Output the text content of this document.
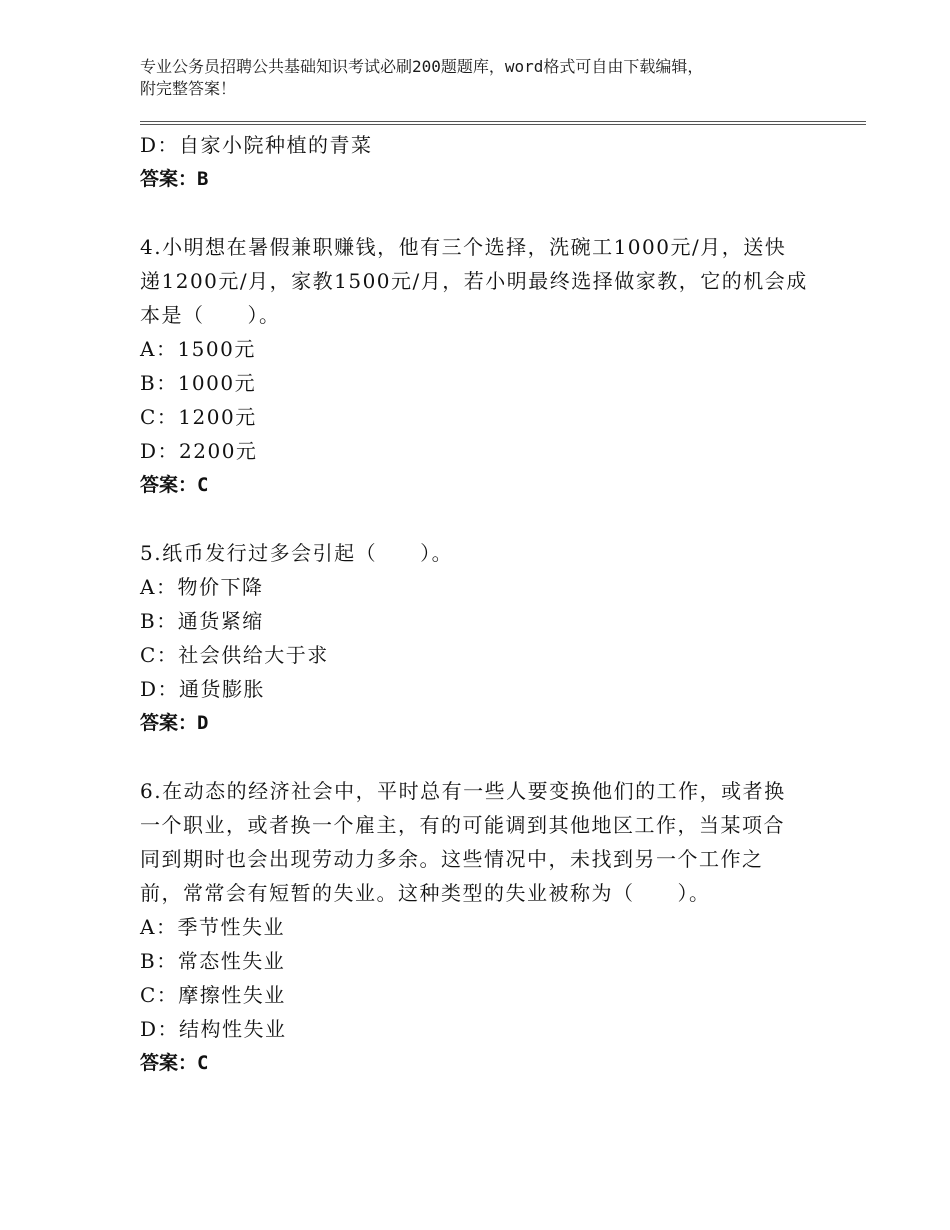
专业公务员招聘公共基础知识考试必刷200题题库，word格式可自由下载编辑，
附完整答案！
D：自家小院种植的青菜
答案：B
4.小明想在暑假兼职赚钱，他有三个选择，洗碗工1000元/月，送快
递1200元/月，家教1500元/月，若小明最终选择做家教，它的机会成
本是（　　）。
A：1500元
B：1000元
C：1200元
D：2200元
答案：C
5.纸币发行过多会引起（　　）。
A：物价下降
B：通货紧缩
C：社会供给大于求
D：通货膨胀
答案：D
6.在动态的经济社会中，平时总有一些人要变换他们的工作，或者换
一个职业，或者换一个雇主，有的可能调到其他地区工作，当某项合
同到期时也会出现劳动力多余。这些情况中，未找到另一个工作之
前，常常会有短暂的失业。这种类型的失业被称为（　　）。
A：季节性失业
B：常态性失业
C：摩擦性失业
D：结构性失业
答案：C
